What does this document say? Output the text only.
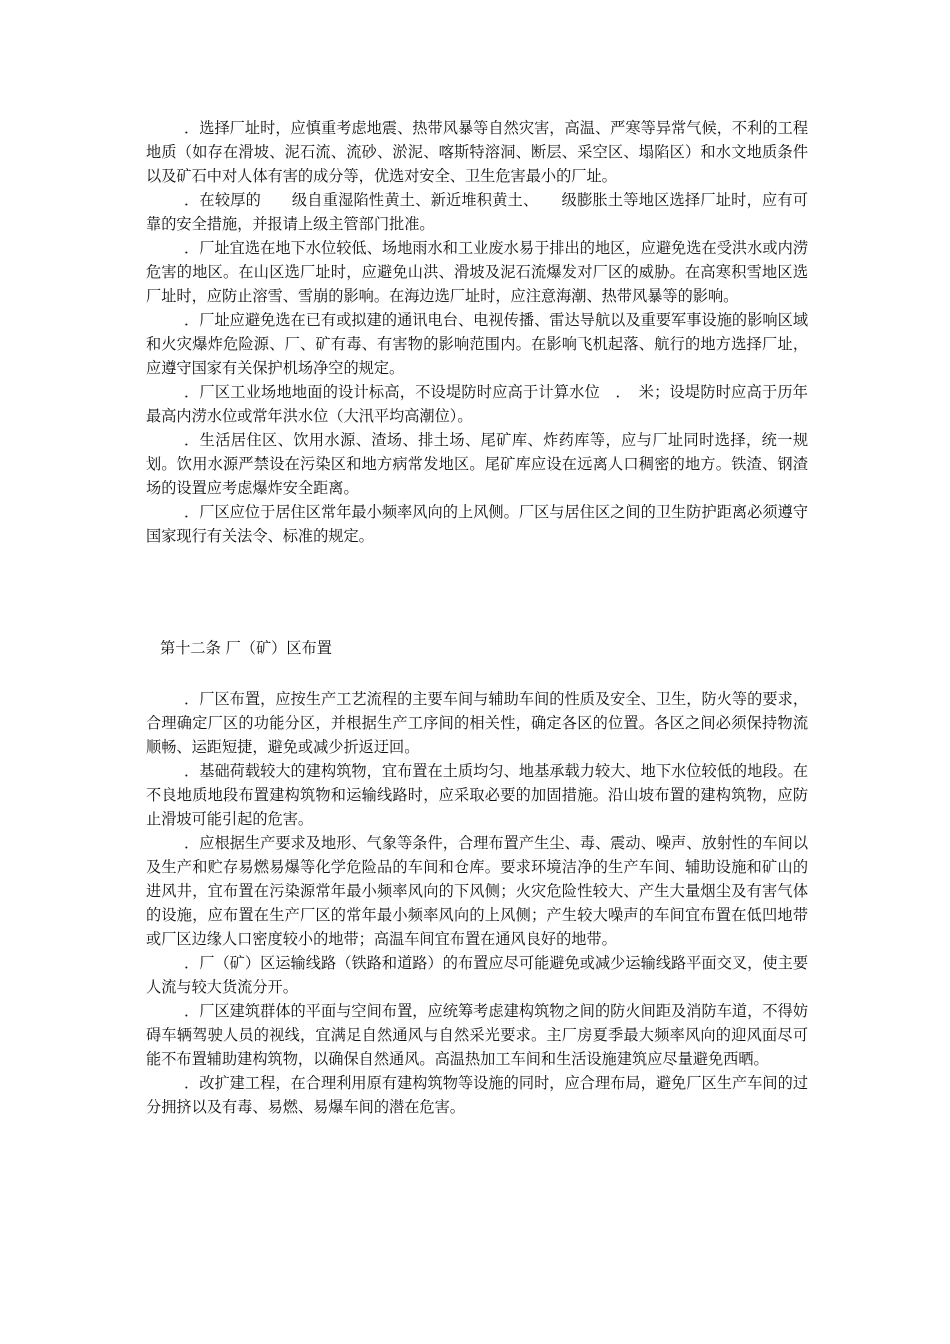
．选择厂址时，应慎重考虑地震、热带风暴等自然灾害，高温、严寒等异常气候，不利的工程地质（如存在滑坡、泥石流、流砂、淤泥、喀斯特溶洞、断层、采空区、塌陷区）和水文地质条件以及矿石中对人体有害的成分等，优选对安全、卫生危害最小的厂址。

．在较厚的　　级自重湿陷性黄土、新近堆积黄土、　　级膨胀土等地区选择厂址时，应有可靠的安全措施，并报请上级主管部门批准。

．厂址宜选在地下水位较低、场地雨水和工业废水易于排出的地区，应避免选在受洪水或内涝危害的地区。在山区选厂址时，应避免山洪、滑坡及泥石流爆发对厂区的威胁。在高寒积雪地区选厂址时，应防止溶雪、雪崩的影响。在海边选厂址时，应注意海潮、热带风暴等的影响。

．厂址应避免选在已有或拟建的通讯电台、电视传播、雷达导航以及重要军事设施的影响区域和火灾爆炸危险源、厂、矿有毒、有害物的影响范围内。在影响飞机起落、航行的地方选择厂址，应遵守国家有关保护机场净空的规定。

．厂区工业场地地面的设计标高，不设堤防时应高于计算水位　．　米；设堤防时应高于历年最高内涝水位或常年洪水位（大汛平均高潮位）。

．生活居住区、饮用水源、渣场、排土场、尾矿库、炸药库等，应与厂址同时选择，统一规划。饮用水源严禁设在污染区和地方病常发地区。尾矿库应设在远离人口稠密的地方。铁渣、钢渣场的设置应考虑爆炸安全距离。

．厂区应位于居住区常年最小频率风向的上风侧。厂区与居住区之间的卫生防护距离必须遵守国家现行有关法令、标准的规定。

第十二条 厂（矿）区布置

．厂区布置，应按生产工艺流程的主要车间与辅助车间的性质及安全、卫生，防火等的要求，合理确定厂区的功能分区，并根据生产工序间的相关性，确定各区的位置。各区之间必须保持物流顺畅、运距短捷，避免或减少折返迂回。

．基础荷载较大的建构筑物，宜布置在土质均匀、地基承载力较大、地下水位较低的地段。在不良地质地段布置建构筑物和运输线路时，应采取必要的加固措施。沿山坡布置的建构筑物，应防止滑坡可能引起的危害。

．应根据生产要求及地形、气象等条件，合理布置产生尘、毒、震动、噪声、放射性的车间以及生产和贮存易燃易爆等化学危险品的车间和仓库。要求环境洁净的生产车间、辅助设施和矿山的进风井，宜布置在污染源常年最小频率风向的下风侧；火灾危险性较大、产生大量烟尘及有害气体的设施，应布置在生产厂区的常年最小频率风向的上风侧；产生较大噪声的车间宜布置在低凹地带或厂区边缘人口密度较小的地带；高温车间宜布置在通风良好的地带。

．厂（矿）区运输线路（铁路和道路）的布置应尽可能避免或减少运输线路平面交叉，使主要人流与较大货流分开。

．厂区建筑群体的平面与空间布置，应统筹考虑建构筑物之间的防火间距及消防车道，不得妨碍车辆驾驶人员的视线，宜满足自然通风与自然采光要求。主厂房夏季最大频率风向的迎风面尽可能不布置辅助建构筑物，以确保自然通风。高温热加工车间和生活设施建筑应尽量避免西晒。

．改扩建工程，在合理利用原有建构筑物等设施的同时，应合理布局，避免厂区生产车间的过分拥挤以及有毒、易燃、易爆车间的潜在危害。
